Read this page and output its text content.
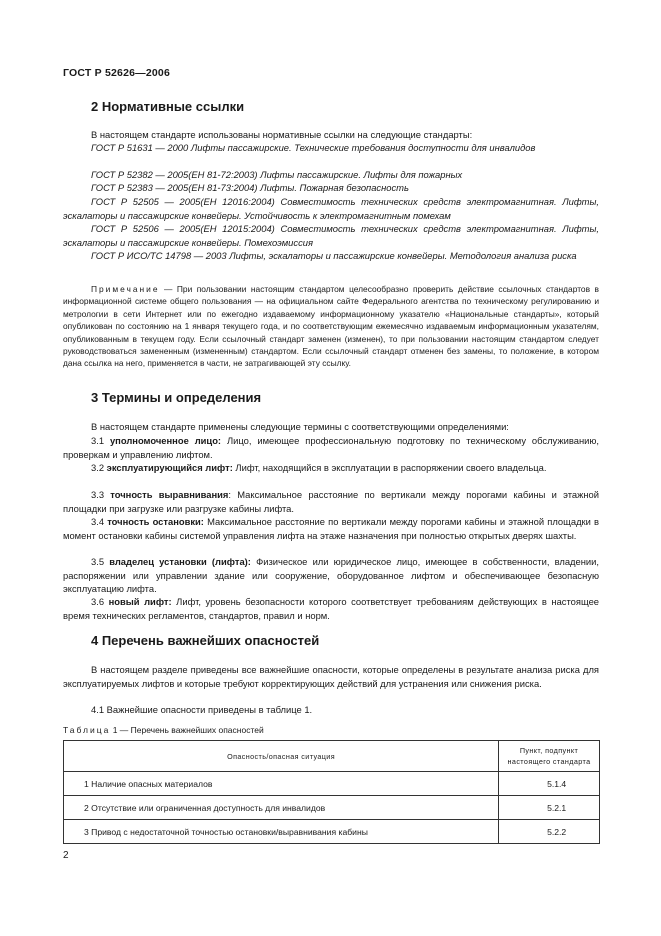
ГОСТ Р 52626—2006
2 Нормативные ссылки
В настоящем стандарте использованы нормативные ссылки на следующие стандарты:
ГОСТ Р 51631 — 2000 Лифты пассажирские. Технические требования доступности для инвалидов
ГОСТ Р 52382 — 2005(ЕН 81-72:2003) Лифты пассажирские. Лифты для пожарных
ГОСТ Р 52383 — 2005(ЕН 81-73:2004) Лифты. Пожарная безопасность
ГОСТ Р 52505 — 2005(ЕН 12016:2004) Совместимость технических средств электромагнитная. Лифты, эскалаторы и пассажирские конвейеры. Устойчивость к электромагнитным помехам
ГОСТ Р 52506 — 2005(ЕН 12015:2004) Совместимость технических средств электромагнитная. Лифты, эскалаторы и пассажирские конвейеры. Помехоэмиссия
ГОСТ Р ИСО/ТС 14798 — 2003 Лифты, эскалаторы и пассажирские конвейеры. Методология анализа риска
Примечание — При пользовании настоящим стандартом целесообразно проверить действие ссылочных стандартов в информационной системе общего пользования — на официальном сайте Федерального агентства по техническому регулированию и метрологии в сети Интернет или по ежегодно издаваемому информационному указателю «Национальные стандарты», который опубликован по состоянию на 1 января текущего года, и по соответствующим ежемесячно издаваемым информационным указателям, опубликованным в текущем году. Если ссылочный стандарт заменен (изменен), то при пользовании настоящим стандартом следует руководствоваться замененным (измененным) стандартом. Если ссылочный стандарт отменен без замены, то положение, в котором дана ссылка на него, применяется в части, не затрагивающей эту ссылку.
3 Термины и определения
В настоящем стандарте применены следующие термины с соответствующими определениями:
3.1 уполномоченное лицо: Лицо, имеющее профессиональную подготовку по техническому обслуживанию, проверкам и управлению лифтом.
3.2 эксплуатирующийся лифт: Лифт, находящийся в эксплуатации в распоряжении своего владельца.
3.3 точность выравнивания: Максимальное расстояние по вертикали между порогами кабины и этажной площадки при загрузке или разгрузке кабины лифта.
3.4 точность остановки: Максимальное расстояние по вертикали между порогами кабины и этажной площадки в момент остановки кабины системой управления лифта на этаже назначения при полностью открытых дверях шахты.
3.5 владелец установки (лифта): Физическое или юридическое лицо, имеющее в собственности, владении, распоряжении или управлении здание или сооружение, оборудованное лифтом и обеспечивающее безопасную эксплуатацию лифта.
3.6 новый лифт: Лифт, уровень безопасности которого соответствует требованиям действующих в настоящее время технических регламентов, стандартов, правил и норм.
4 Перечень важнейших опасностей
В настоящем разделе приведены все важнейшие опасности, которые определены в результате анализа риска для эксплуатируемых лифтов и которые требуют корректирующих действий для устранения или снижения риска.
4.1 Важнейшие опасности приведены в таблице 1.
Таблица 1 — Перечень важнейших опасностей
Опасность/опасная ситуация	Пункт, подпункт
настоящего стандарта
1 Наличие опасных материалов	5.1.4
2 Отсутствие или ограниченная доступность для инвалидов	5.2.1
3 Привод с недостаточной точностью остановки/выравнивания кабины	5.2.2
2
